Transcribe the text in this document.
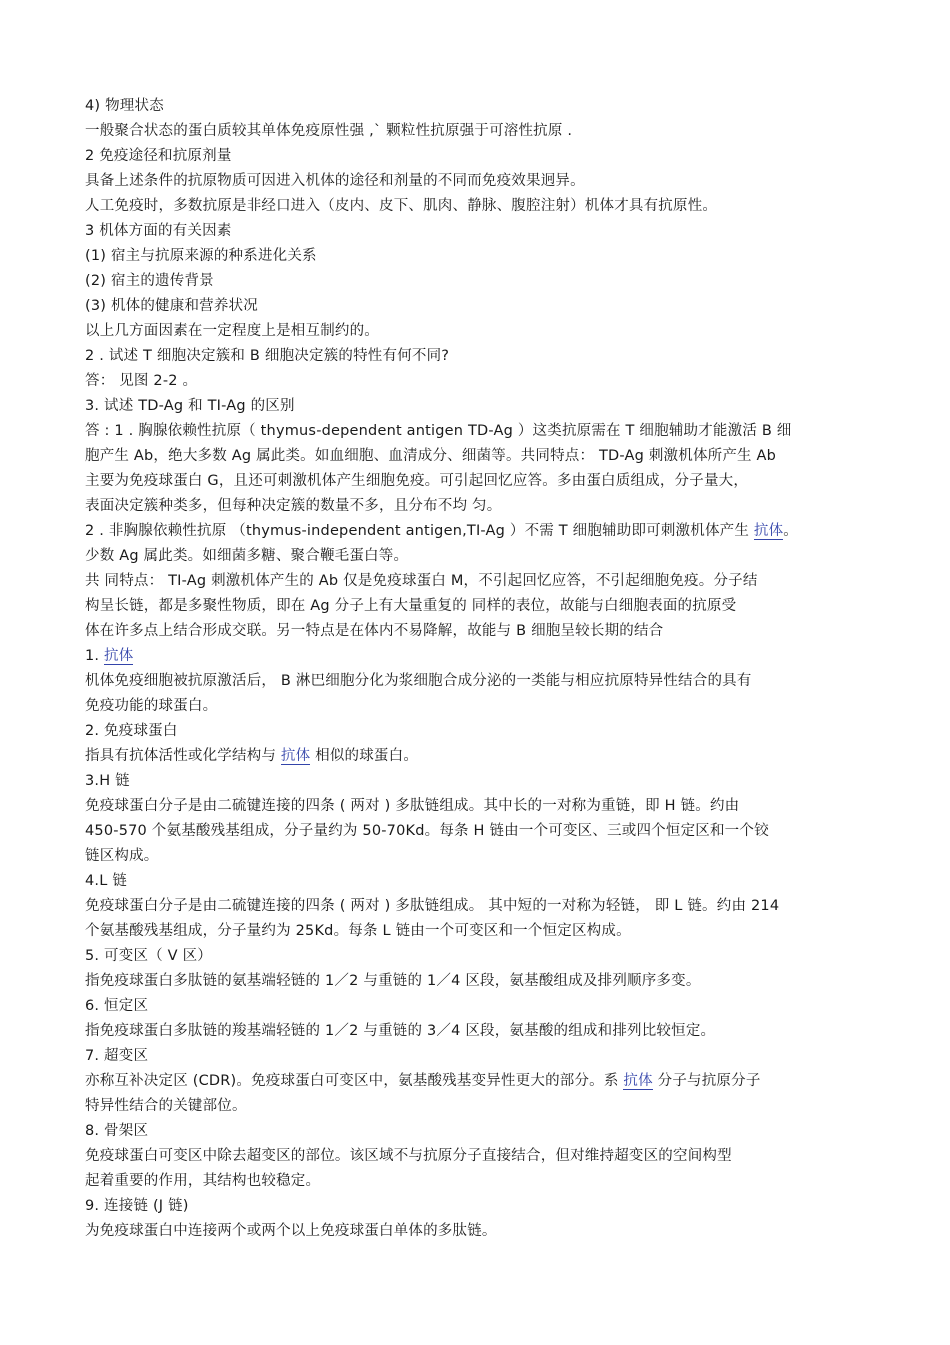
4) 物理状态
一般聚合状态的蛋白质较其单体免疫原性强 ,` 颗粒性抗原强于可溶性抗原 .
2 免疫途径和抗原剂量
具备上述条件的抗原物质可因进入机体的途径和剂量的不同而免疫效果迥异。
人工免疫时，多数抗原是非经口进入（皮内、皮下、肌肉、静脉、腹腔注射）机体才具有抗原性。
3 机体方面的有关因素
(1) 宿主与抗原来源的种系进化关系
(2) 宿主的遗传背景
(3) 机体的健康和营养状况
以上几方面因素在一定程度上是相互制约的。
2 . 试述 T 细胞决定簇和 B 细胞决定簇的特性有何不同?
答： 见图 2-2 。
3. 试述 TD-Ag 和 TI-Ag 的区别
答 : 1 . 胸腺依赖性抗原（ thymus-dependent antigen TD-Ag ）这类抗原需在 T 细胞辅助才能激活 B 细
胞产生 Ab，绝大多数 Ag 属此类。如血细胞、血清成分、细菌等。共同特点： TD-Ag 刺激机体所产生 Ab
主要为免疫球蛋白 G，且还可刺激机体产生细胞免疫。可引起回忆应答。多由蛋白质组成，分子量大，
表面决定簇种类多，但每种决定簇的数量不多，且分布不均 匀。
2 . 非胸腺依赖性抗原 （thymus-independent antigen,TI-Ag ）不需 T 细胞辅助即可刺激机体产生 抗体。
少数 Ag 属此类。如细菌多糖、聚合鞭毛蛋白等。
共 同特点： TI-Ag 刺激机体产生的 Ab 仅是免疫球蛋白 M，不引起回忆应答，不引起细胞免疫。分子结
构呈长链，都是多聚性物质，即在 Ag 分子上有大量重复的 同样的表位，故能与白细胞表面的抗原受
体在许多点上结合形成交联。另一特点是在体内不易降解，故能与 B 细胞呈较长期的结合
1. 抗体
机体免疫细胞被抗原激活后， B 淋巴细胞分化为浆细胞合成分泌的一类能与相应抗原特异性结合的具有
免疫功能的球蛋白。
2. 免疫球蛋白
指具有抗体活性或化学结构与 抗体 相似的球蛋白。
3.H 链
免疫球蛋白分子是由二硫键连接的四条 ( 两对 ) 多肽链组成。其中长的一对称为重链，即 H 链。约由
450-570 个氨基酸残基组成，分子量约为 50-70Kd。每条 H 链由一个可变区、三或四个恒定区和一个铰
链区构成。
4.L 链
免疫球蛋白分子是由二硫键连接的四条 ( 两对 ) 多肽链组成。 其中短的一对称为轻链， 即 L 链。约由 214
个氨基酸残基组成，分子量约为 25Kd。每条 L 链由一个可变区和一个恒定区构成。
5. 可变区（ V 区）
指免疫球蛋白多肽链的氨基端轻链的 1／2 与重链的 1／4 区段，氨基酸组成及排列顺序多变。
6. 恒定区
指免疫球蛋白多肽链的羧基端轻链的 1／2 与重链的 3／4 区段，氨基酸的组成和排列比较恒定。
7. 超变区
亦称互补决定区 (CDR)。免疫球蛋白可变区中，氨基酸残基变异性更大的部分。系 抗体 分子与抗原分子
特异性结合的关键部位。
8. 骨架区
免疫球蛋白可变区中除去超变区的部位。该区域不与抗原分子直接结合，但对维持超变区的空间构型
起着重要的作用，其结构也较稳定。
9. 连接链 (J 链)
为免疫球蛋白中连接两个或两个以上免疫球蛋白单体的多肽链。
